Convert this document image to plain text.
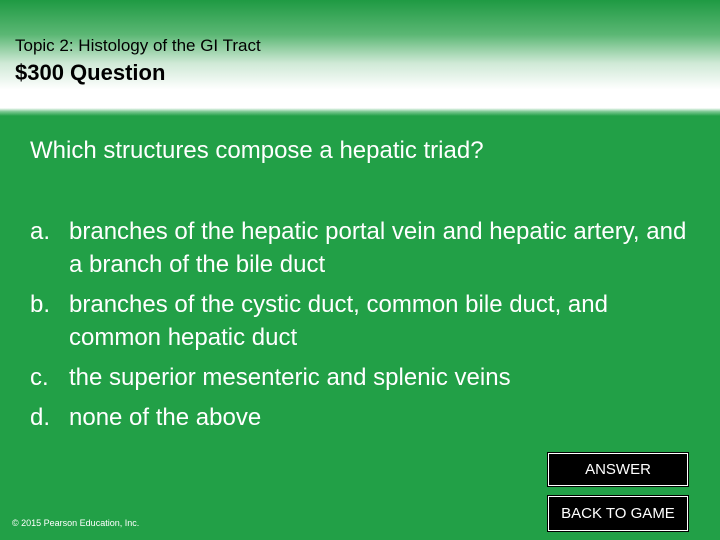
Topic 2: Histology of the GI Tract
$300 Question
Which structures compose a hepatic triad?
a. branches of the hepatic portal vein and hepatic artery, and a branch of the bile duct
b. branches of the cystic duct, common bile duct, and common hepatic duct
c. the superior mesenteric and splenic veins
d. none of the above
ANSWER
BACK TO GAME
© 2015 Pearson Education, Inc.
